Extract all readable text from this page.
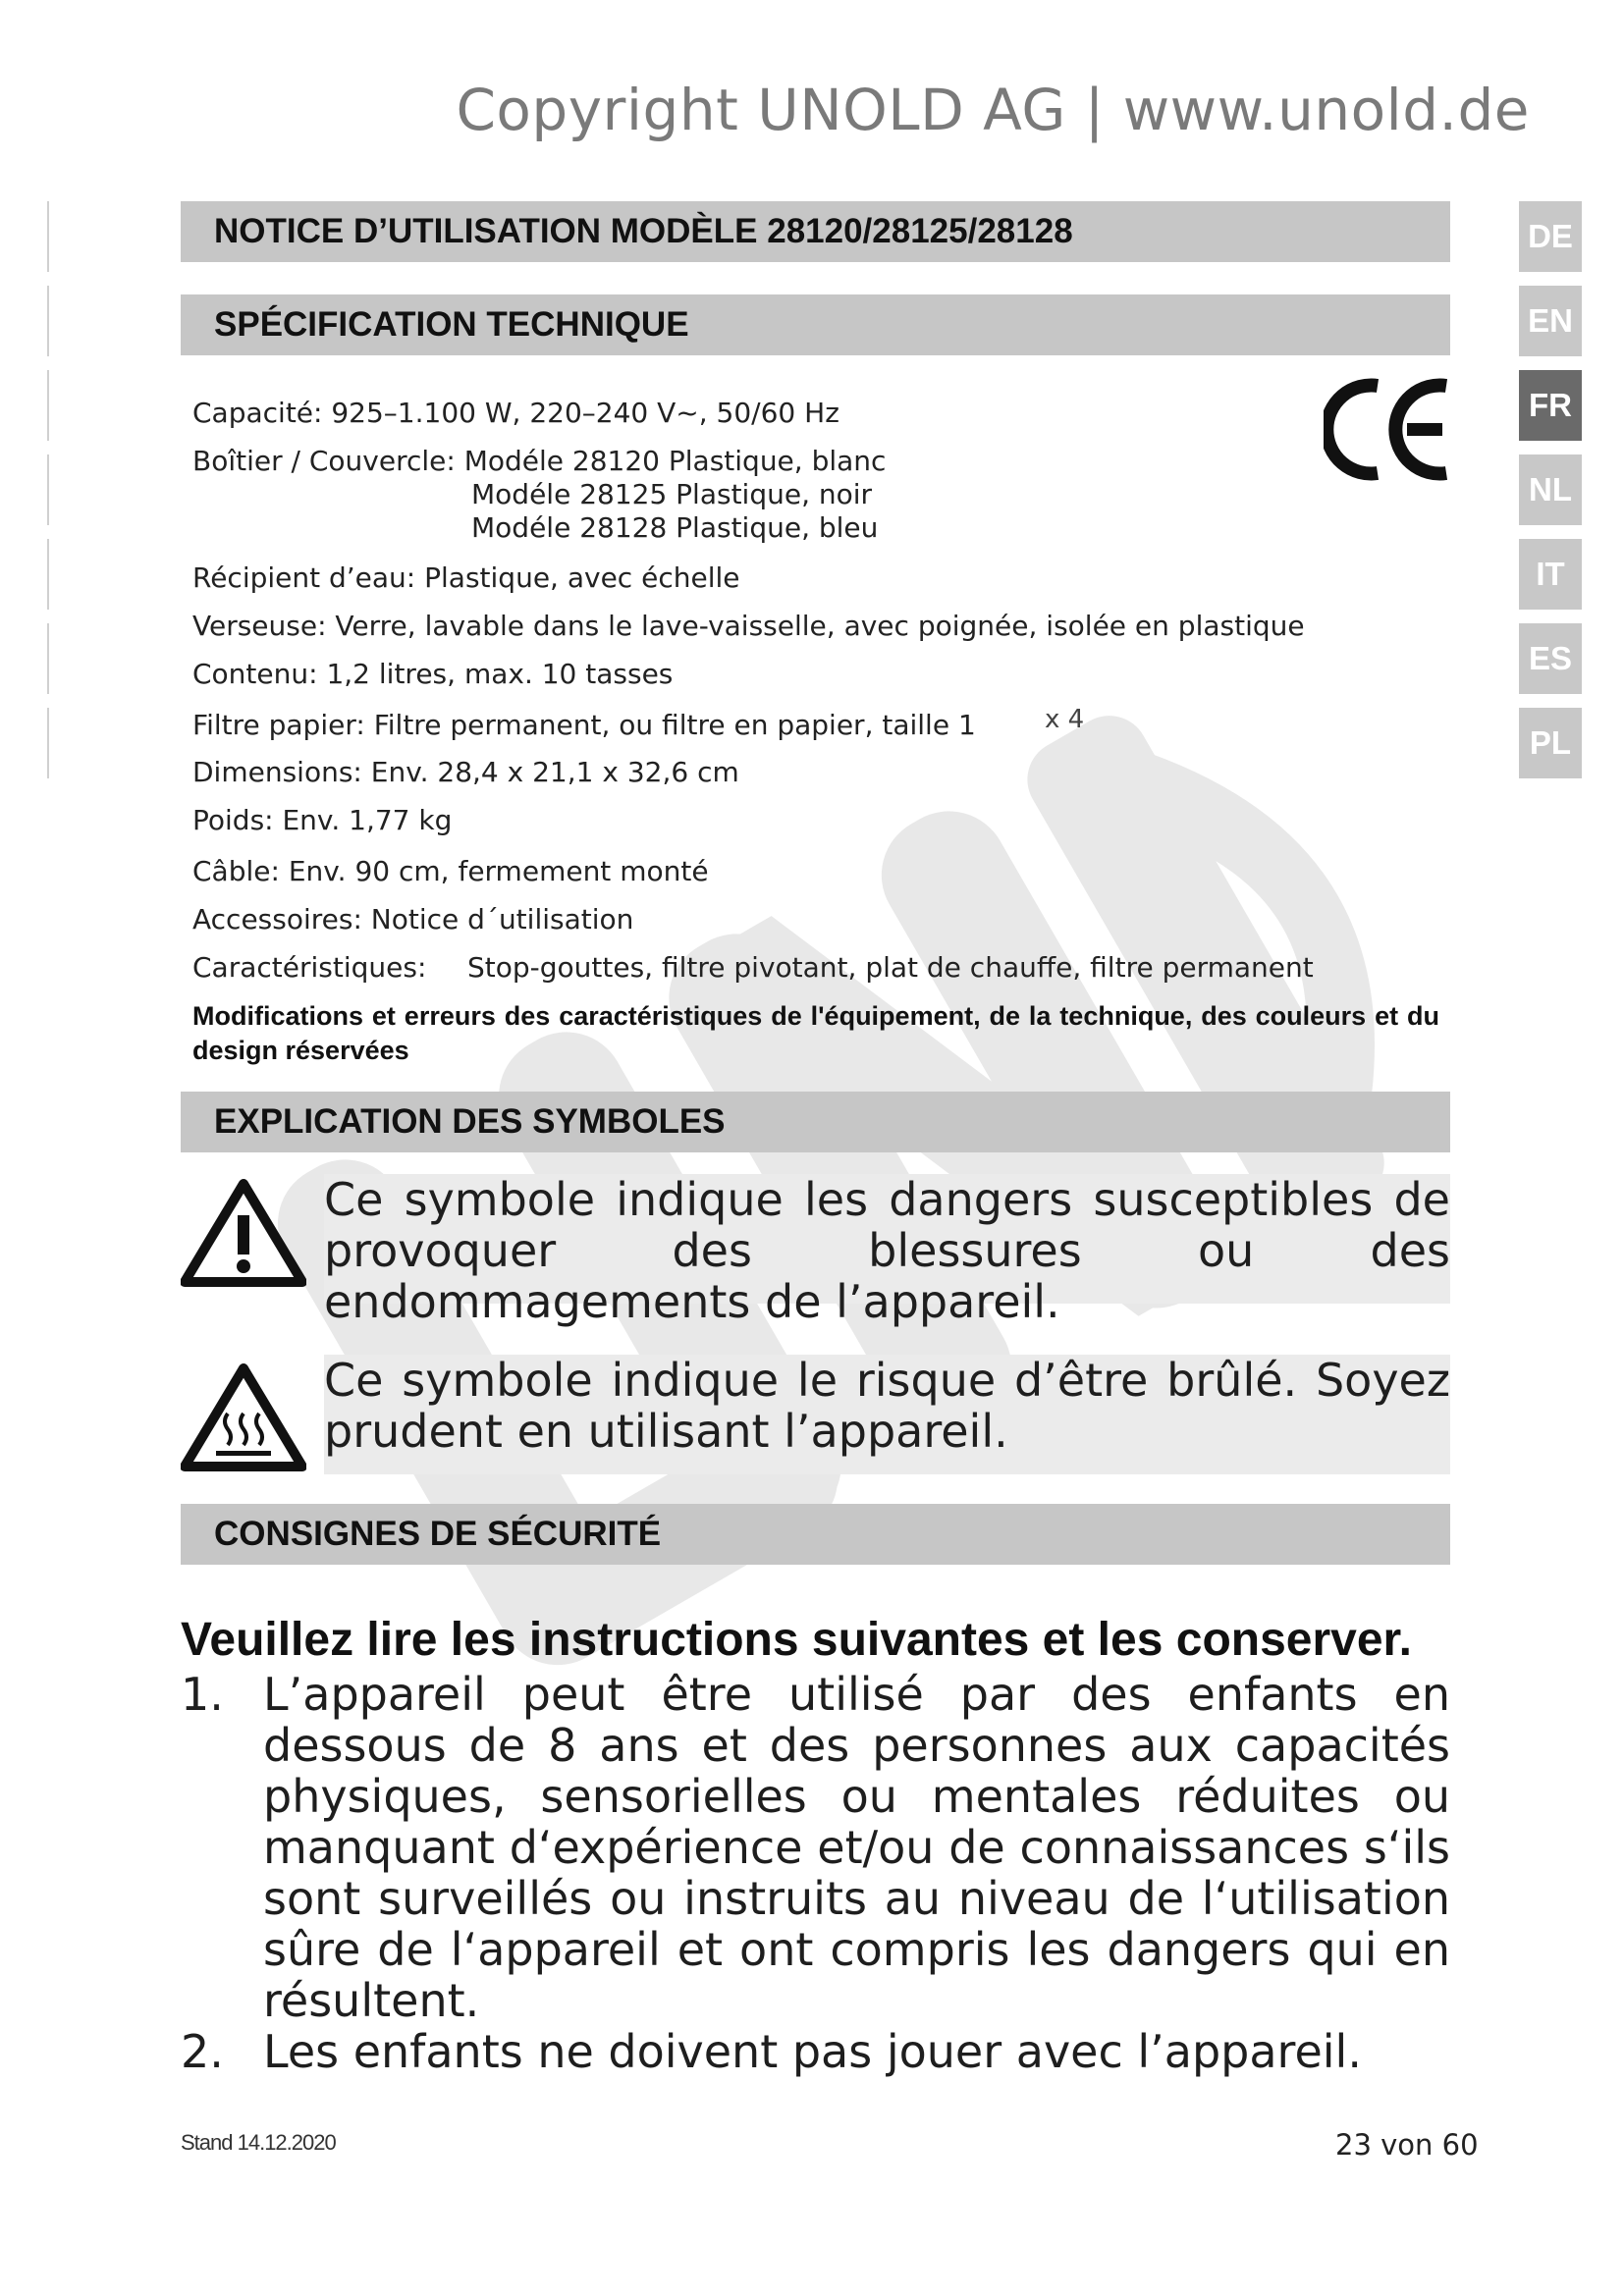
Copyright UNOLD AG | www.unold.de
DE
EN
FR
NL
IT
ES
PL
NOTICE D’UTILISATION MODÈLE 28120/28125/28128
SPÉCIFICATION TECHNIQUE
Capacité: 925–1.100 W, 220–240 V~, 50/60 Hz
Boîtier / Couvercle: Modéle 28120 Plastique, blanc
Modéle 28125 Plastique, noir
Modéle 28128 Plastique, bleu
Récipient d’eau: Plastique, avec échelle
Verseuse: Verre, lavable dans le lave-vaisselle, avec poignée, isolée en plastique
Contenu: 1,2 litres, max. 10 tasses
Filtre papier: Filtre permanent, ou filtre en papier, taille 1	x 4
Dimensions: Env. 28,4 x 21,1 x 32,6 cm
Poids: Env. 1,77 kg
Câble: Env. 90 cm, fermement monté
Accessoires: Notice d´utilisation
Caractéristiques: Stop-gouttes, filtre pivotant, plat de chauffe, filtre permanent
Modifications et erreurs des caractéristiques de l'équipement, de la technique, des couleurs et du design réservées
EXPLICATION DES SYMBOLES
Ce symbole indique les dangers susceptibles de provoquer des blessures ou des endommagements de l’appareil.
Ce symbole indique le risque d’être brûlé. Soyez prudent en utilisant l’appareil.
CONSIGNES DE SÉCURITÉ
Veuillez lire les instructions suivantes et les conserver.
1. L’appareil peut être utilisé par des enfants en dessous de 8 ans et des personnes aux capacités physiques, sensorielles ou mentales réduites ou manquant d‘expérience et/ou de connaissances s‘ils sont surveillés ou instruits au niveau de l‘utilisation sûre de l‘appareil et ont compris les dangers qui en résultent.
2. Les enfants ne doivent pas jouer avec l’appareil.
Stand 14.12.2020	23 von 60
